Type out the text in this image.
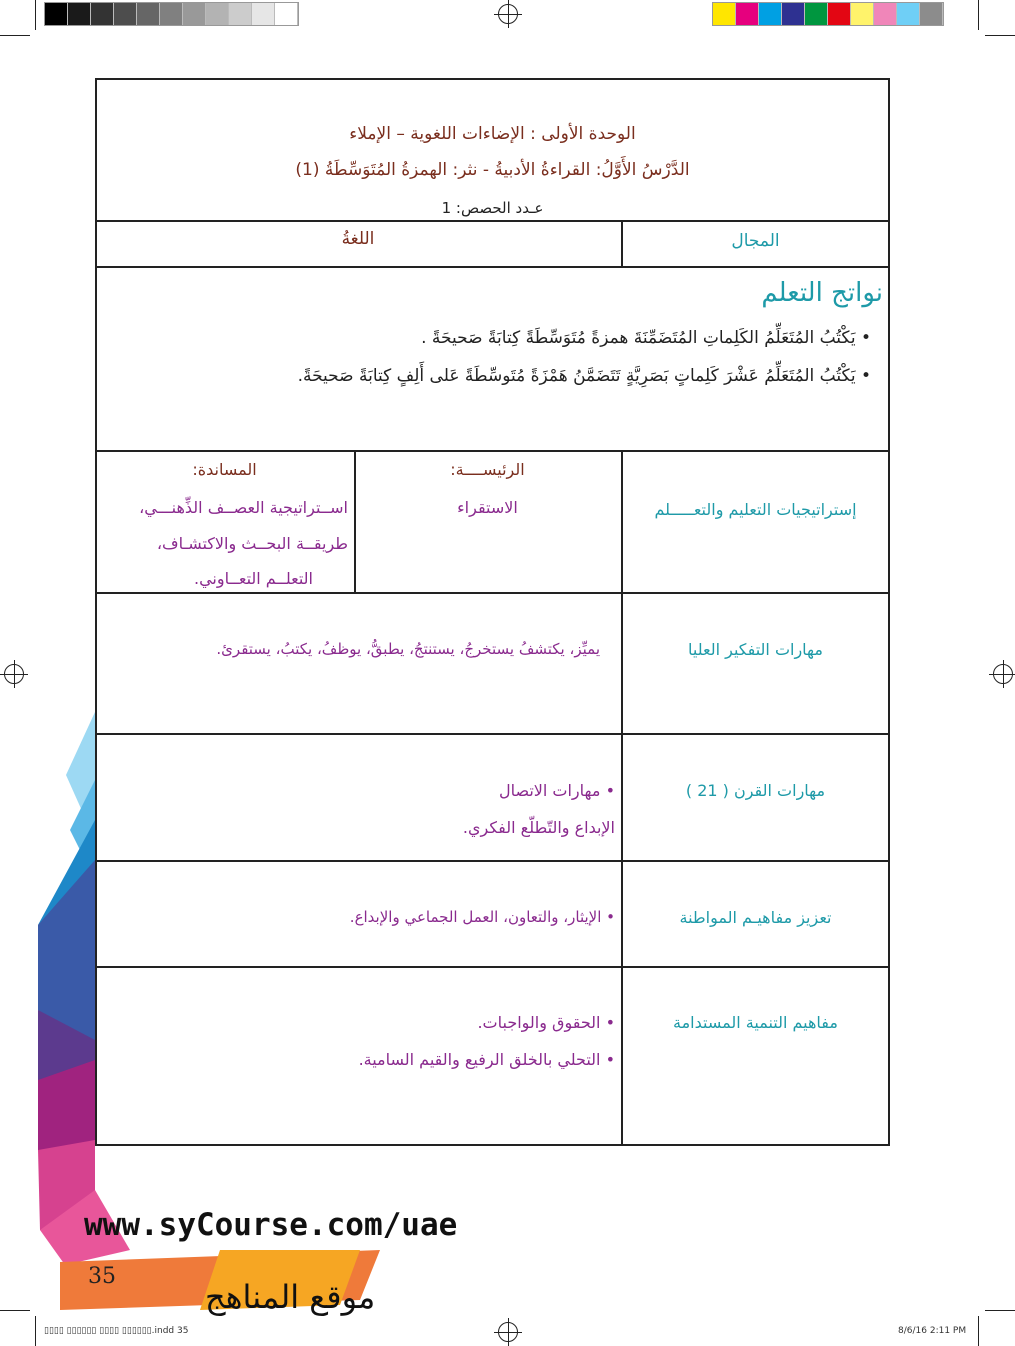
الوحدة الأولى : الإضاءات اللغوية – الإملاء
الدَّرْسُ الأَوَّلُ: القراءةُ الأدبيةُ - نثر: الهمزةُ المُتَوَسِّطَةُ (1)
عـدد الحصص: 1
المجال
اللغةُ
نواتج التعلم
• يَكْتُبُ المُتَعَلِّمُ الكَلِماتِ المُتَضَمِّنَةَ همزةً مُتَوَسِّطَةً كِتابَةً صَحيحَةً .
• يَكْتُبُ المُتَعَلِّمُ عَشْرَ كَلِماتٍ بَصَرِيَّةٍ تَتَضَمَّنُ هَمْزَةً مُتَوسِّطَةً عَلى أَلِفٍ كِتابَةً صَحيحَةً.
إستراتيجيات التعليم والتعـــــلم
الرئيســــة:
الاستقراء
المساندة:
اســتراتيجية العصــف الذِّهنـــي،
طريقــة البحــث والاكتشـاف،
التعلــم التعــاوني.
مهارات التفكير العليا
يميِّز، يكتشفُ يستخرجُ، يستنتجُ، يطبقُّ، يوظفُ، يكتبُ، يستقرئ.
مهارات القرن ( 21 )
• مهارات الاتصال
الإبداع والتّطلّع الفكري.
تعزيز مفاهيـم المواطنة
• الإيثار، والتعاون، العمل الجماعي والإبداع.
مفاهيم التنمية المستدامة
• الحقوق والواجبات.
• التحلي بالخلق الرفيع والقيم السامية.
www.syCourse.com/uae
35
موقع المناهج
▯▯▯▯ ▯▯▯▯▯▯ ▯▯▯▯ ▯▯▯▯▯▯.indd 35	8/6/16 2:11 PM
